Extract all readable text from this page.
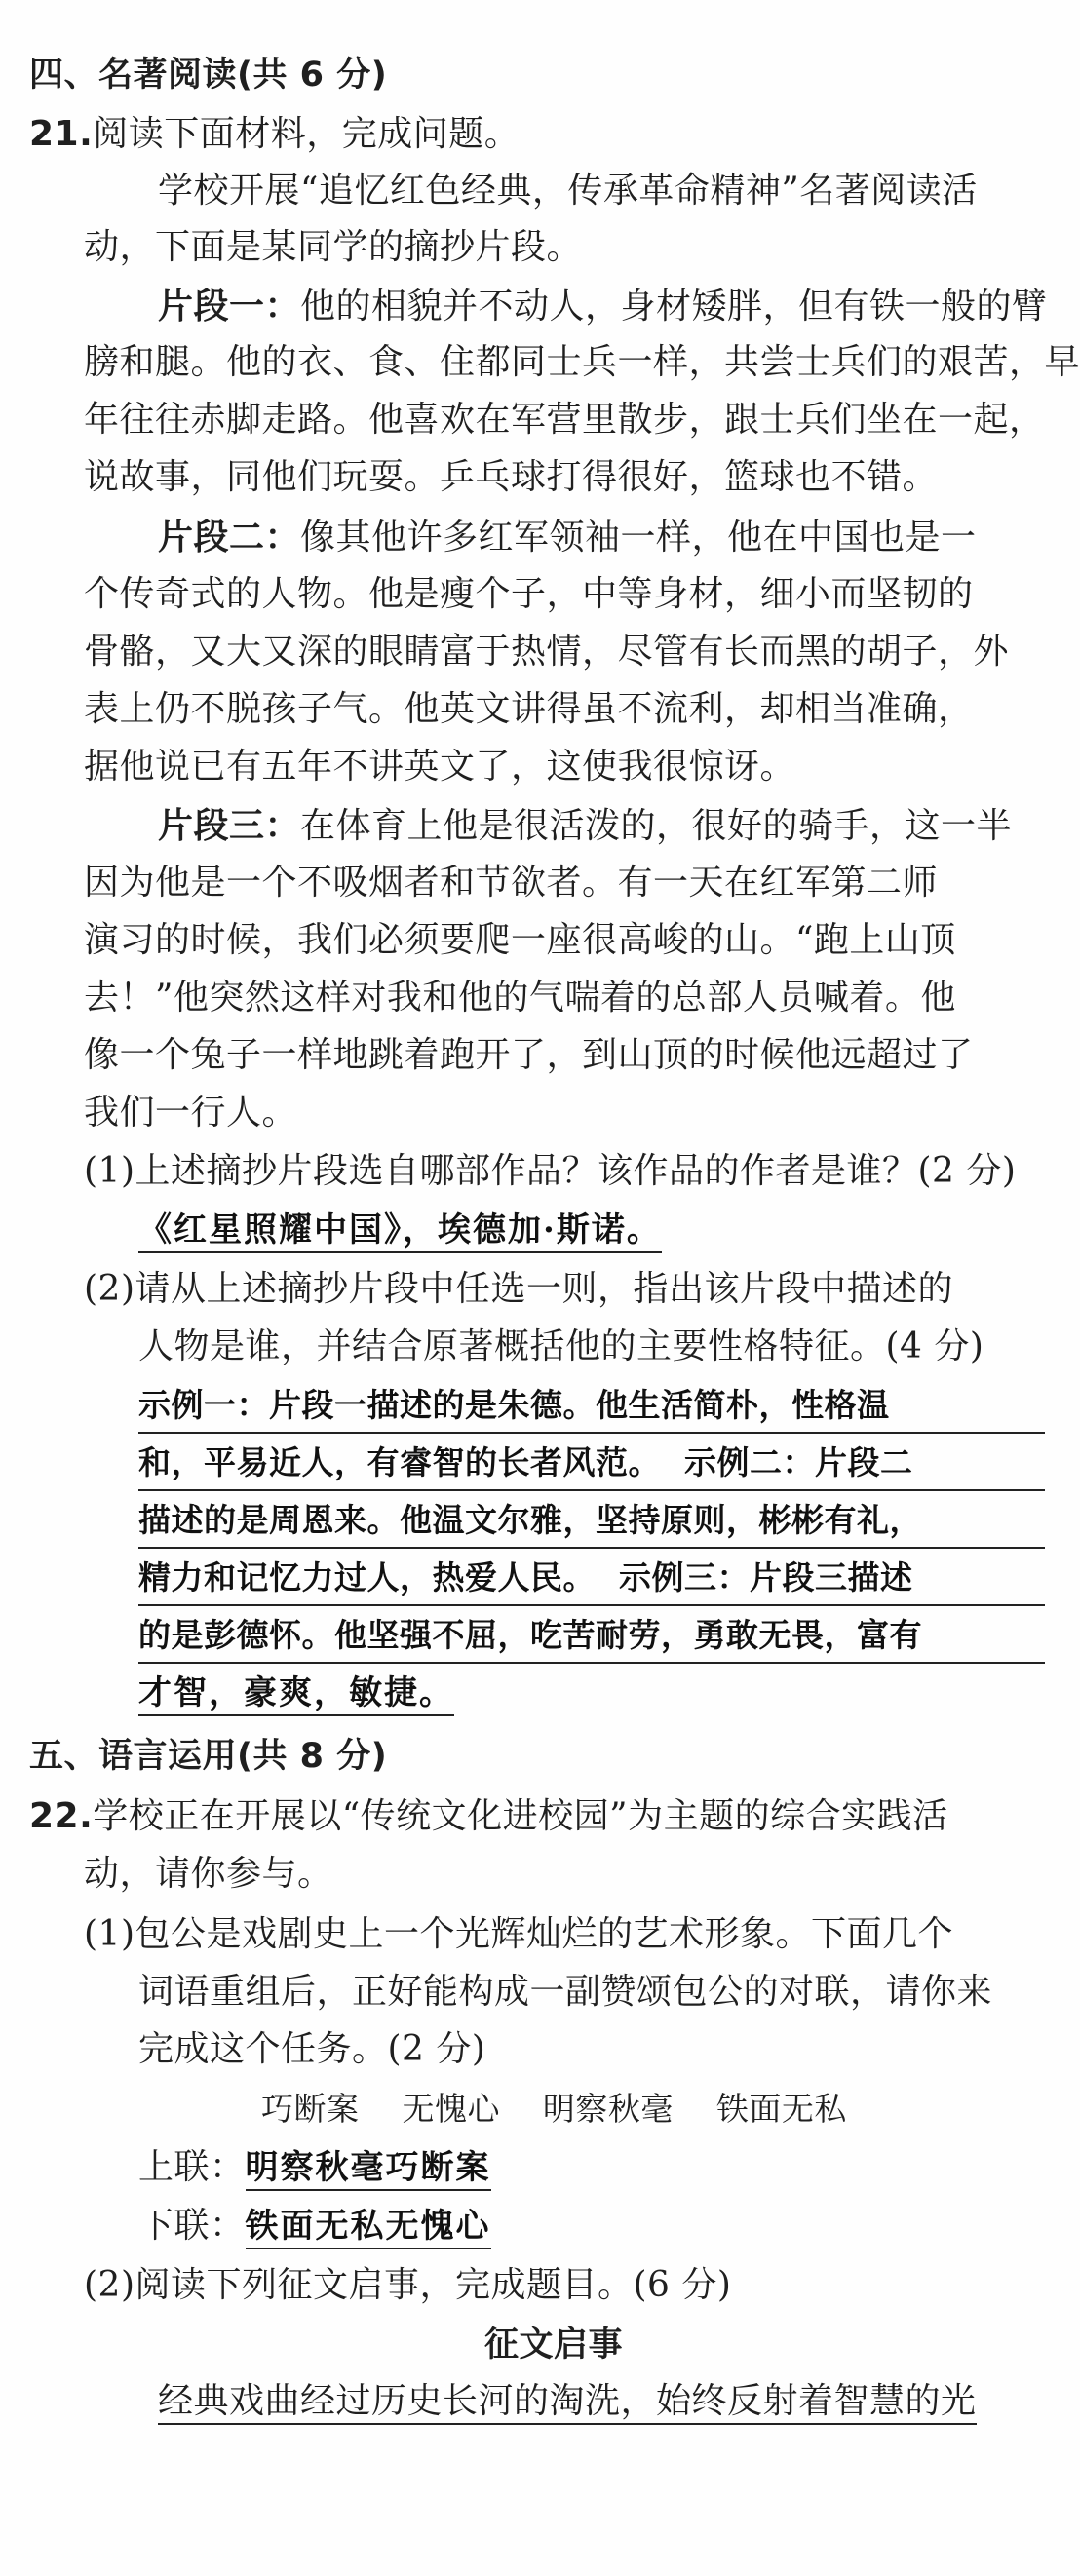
四、名著阅读(共 6 分)
21.阅读下面材料，完成问题。
学校开展“追忆红色经典，传承革命精神”名著阅读活
动，下面是某同学的摘抄片段。
片段一：他的相貌并不动人，身材矮胖，但有铁一般的臂
膀和腿。他的衣、食、住都同士兵一样，共尝士兵们的艰苦，早
年往往赤脚走路。他喜欢在军营里散步，跟士兵们坐在一起，
说故事，同他们玩耍。乒乓球打得很好，篮球也不错。
片段二：像其他许多红军领袖一样，他在中国也是一
个传奇式的人物。他是瘦个子，中等身材，细小而坚韧的
骨骼，又大又深的眼睛富于热情，尽管有长而黑的胡子，外
表上仍不脱孩子气。他英文讲得虽不流利，却相当准确，
据他说已有五年不讲英文了，这使我很惊讶。
片段三：在体育上他是很活泼的，很好的骑手，这一半
因为他是一个不吸烟者和节欲者。有一天在红军第二师
演习的时候，我们必须要爬一座很高峻的山。“跑上山顶
去！”他突然这样对我和他的气喘着的总部人员喊着。他
像一个兔子一样地跳着跑开了，到山顶的时候他远超过了
我们一行人。
(1)上述摘抄片段选自哪部作品？该作品的作者是谁？(2 分)
《红星照耀中国》，埃德加·斯诺。
(2)请从上述摘抄片段中任选一则，指出该片段中描述的
人物是谁，并结合原著概括他的主要性格特征。(4 分)
示例一：片段一描述的是朱德。他生活简朴，性格温
和，平易近人，有睿智的长者风范。  示例二：片段二
描述的是周恩来。他温文尔雅，坚持原则，彬彬有礼，
精力和记忆力过人，热爱人民。  示例三：片段三描述
的是彭德怀。他坚强不屈，吃苦耐劳，勇敢无畏，富有
才智，豪爽，敏捷。
五、语言运用(共 8 分)
22.学校正在开展以“传统文化进校园”为主题的综合实践活
动，请你参与。
(1)包公是戏剧史上一个光辉灿烂的艺术形象。下面几个
词语重组后，正好能构成一副赞颂包公的对联，请你来
完成这个任务。(2 分)
巧断案    无愧心    明察秋毫    铁面无私
上联：明察秋毫巧断案
下联：铁面无私无愧心
(2)阅读下列征文启事，完成题目。(6 分)
征文启事
经典戏曲经过历史长河的淘洗，始终反射着智慧的光
